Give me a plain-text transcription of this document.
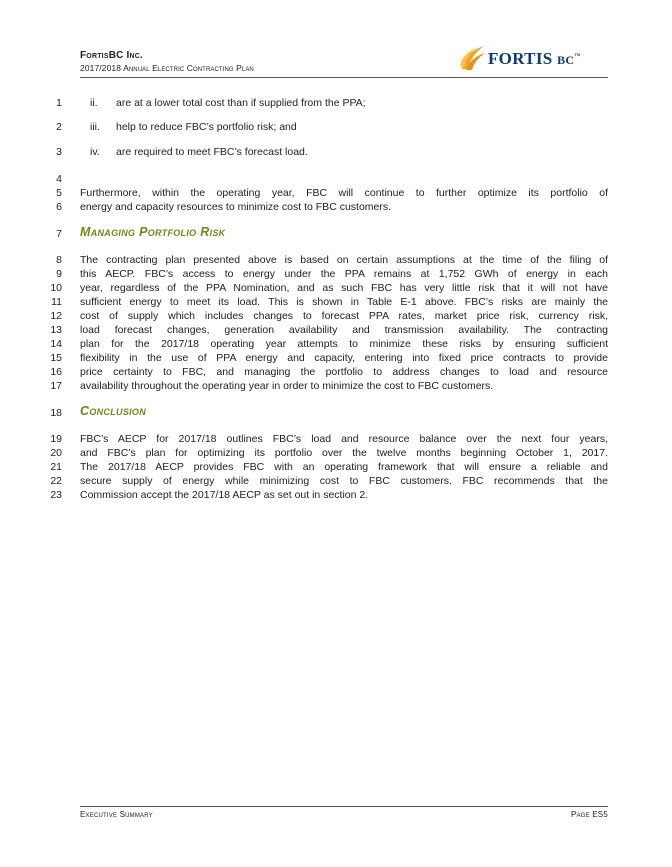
FortisBC Inc.
2017/2018 Annual Electric Contracting Plan	FORTIS BC™
1	ii. are at a lower total cost than if supplied from the PPA;
2	iii. help to reduce FBC’s portfolio risk; and
3	iv. are required to meet FBC’s forecast load.
4
5 Furthermore, within the operating year, FBC will continue to further optimize its portfolio of
6 energy and capacity resources to minimize cost to FBC customers.
7 Managing Portfolio Risk
8 The contracting plan presented above is based on certain assumptions at the time of the filing of
9 this AECP. FBC’s access to energy under the PPA remains at 1,752 GWh of energy in each
10 year, regardless of the PPA Nomination, and as such FBC has very little risk that it will not have
11 sufficient energy to meet its load. This is shown in Table E-1 above. FBC’s risks are mainly the
12 cost of supply which includes changes to forecast PPA rates, market price risk, currency risk,
13 load forecast changes, generation availability and transmission availability. The contracting
14 plan for the 2017/18 operating year attempts to minimize these risks by ensuring sufficient
15 flexibility in the use of PPA energy and capacity, entering into fixed price contracts to provide
16 price certainty to FBC, and managing the portfolio to address changes to load and resource
17 availability throughout the operating year in order to minimize the cost to FBC customers.
18 Conclusion
19 FBC’s AECP for 2017/18 outlines FBC’s load and resource balance over the next four years,
20 and FBC’s plan for optimizing its portfolio over the twelve months beginning October 1, 2017.
21 The 2017/18 AECP provides FBC with an operating framework that will ensure a reliable and
22 secure supply of energy while minimizing cost to FBC customers. FBC recommends that the
23 Commission accept the 2017/18 AECP as set out in section 2.
Executive Summary	Page ES5
